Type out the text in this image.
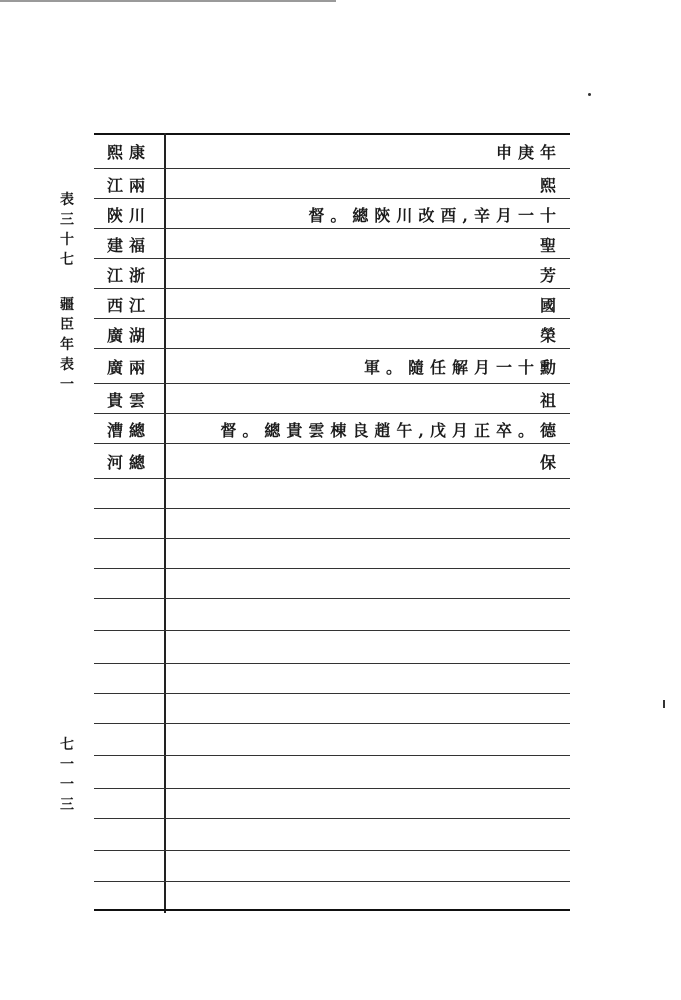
表
三
十
七
疆
臣
年
表
一
七
一
一
三
熙康	申庚年
江兩	熙
陝川	督。總陝川改酉,辛月一十
建福	聖
江浙	芳
西江	國
廣湖	榮
廣兩	軍。隨任解月一十勳
貴雲	祖
漕總	督。總貴雲棟良趙午,戊月正卒。德
河總	保
